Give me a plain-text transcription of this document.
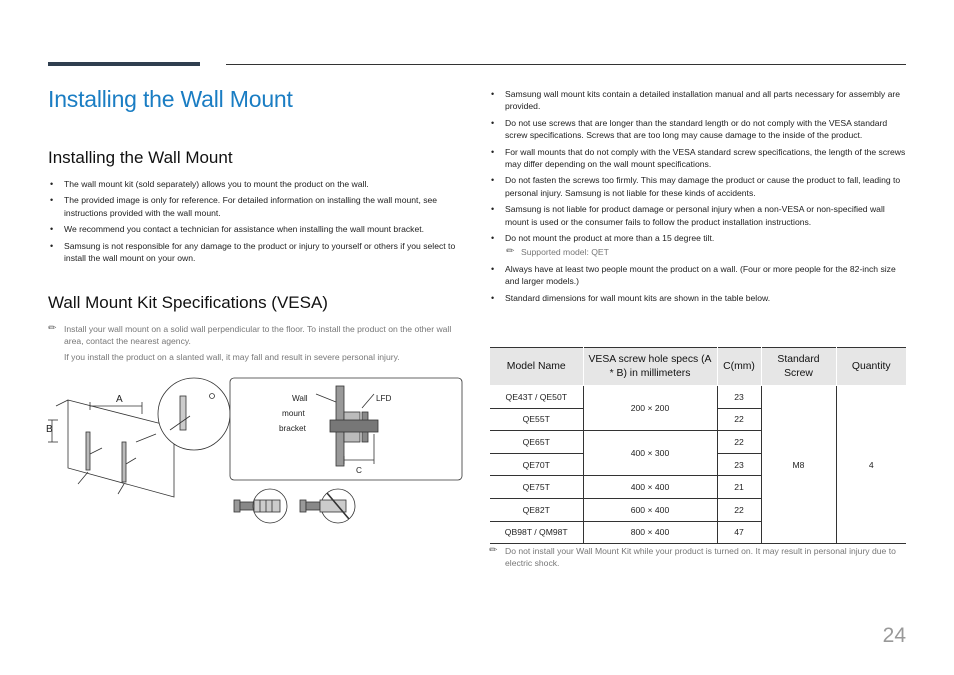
Installing the Wall Mount
Installing the Wall Mount
• The wall mount kit (sold separately) allows you to mount the product on the wall.
• The provided image is only for reference. For detailed information on installing the wall mount, see instructions provided with the wall mount.
• We recommend you contact a technician for assistance when installing the wall mount bracket.
• Samsung is not responsible for any damage to the product or injury to yourself or others if you select to install the wall mount on your own.
Wall Mount Kit Specifications (VESA)
✏ Install your wall mount on a solid wall perpendicular to the floor. To install the product on the other wall area, contact the nearest agency.

If you install the product on a slanted wall, it may fall and result in severe personal injury.

A
B
Wall
mount
bracket
LFD
C
• Samsung wall mount kits contain a detailed installation manual and all parts necessary for assembly are provided.
• Do not use screws that are longer than the standard length or do not comply with the VESA standard screw specifications. Screws that are too long may cause damage to the inside of the product.
• For wall mounts that do not comply with the VESA standard screw specifications, the length of the screws may differ depending on the wall mount specifications.
• Do not fasten the screws too firmly. This may damage the product or cause the product to fall, leading to personal injury. Samsung is not liable for these kinds of accidents.
• Samsung is not liable for product damage or personal injury when a non-VESA or non-specified wall mount is used or the consumer fails to follow the product installation instructions.
• Do not mount the product at more than a 15 degree tilt.
✏ Supported model: QET
• Always have at least two people mount the product on a wall. (Four or more people for the 82-inch size and larger models.)
• Standard dimensions for wall mount kits are shown in the table below.
Model Name	VESA screw hole specs (A * B) in millimeters	C(mm)	Standard Screw	Quantity
QE43T / QE50T	200 × 200	23	M8	4
QE55T		22		
QE65T	400 × 300	22		
QE70T		23		
QE75T	400 × 400	21		
QE82T	600 × 400	22		
QB98T / QM98T	800 × 400	47		
✏ Do not install your Wall Mount Kit while your product is turned on. It may result in personal injury due to electric shock.
24
